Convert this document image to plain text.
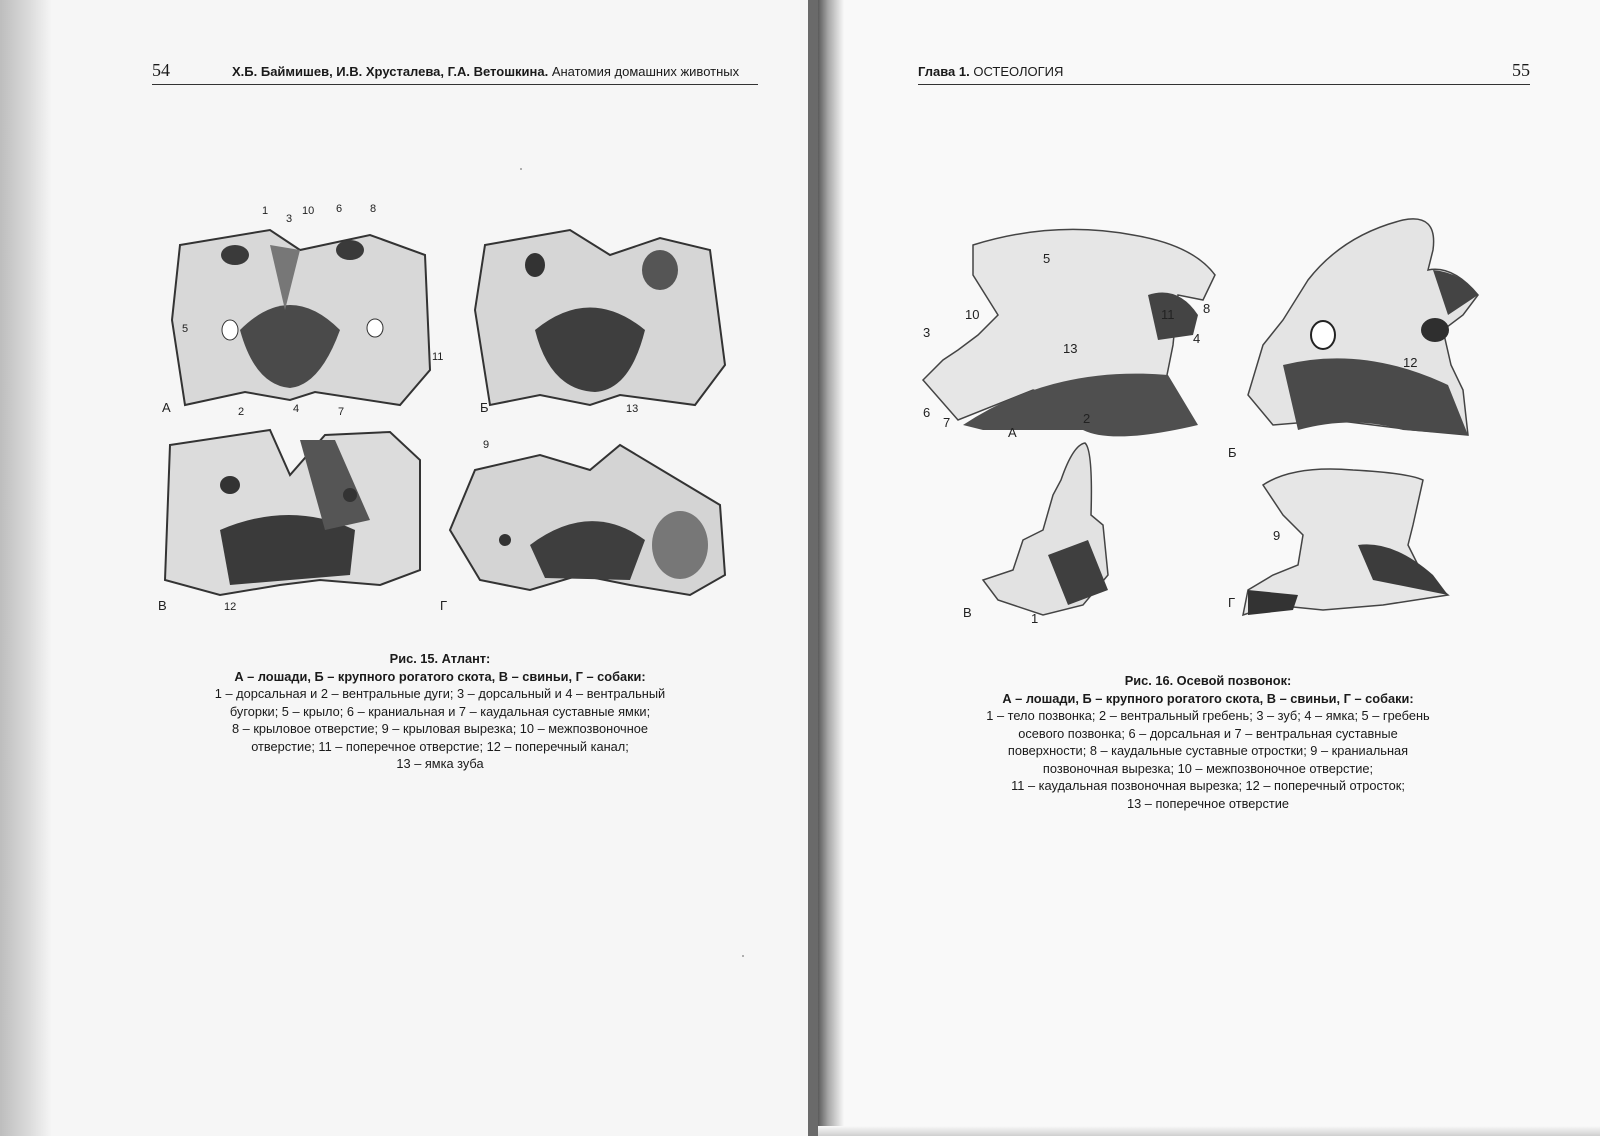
54	Х.Б. Баймишев, И.В. Хрусталева, Г.А. Ветошкина. Анатомия домашних животных
А	Б
В	Г
1
2
3
4
5
6
7
8
9
10
11
12
13
Рис. 15. Атлант:
А – лошади, Б – крупного рогатого скота, В – свиньи, Г – собаки:
1 – дорсальная и 2 – вентральные дуги; 3 – дорсальный и 4 – вентральный
бугорки; 5 – крыло; 6 – краниальная и 7 – каудальная суставные ямки;
8 – крыловое отверстие; 9 – крыловая вырезка; 10 – межпозвоночное
отверстие; 11 – поперечное отверстие; 12 – поперечный канал;
13 – ямка зуба
Глава 1. ОСТЕОЛОГИЯ	55
А
Б
В
Г
1
2
3	4
5
6
7
8
9
10	11
12
13
Рис. 16. Осевой позвонок:
А – лошади, Б – крупного рогатого скота, В – свиньи, Г – собаки:
1 – тело позвонка; 2 – вентральный гребень; 3 – зуб; 4 – ямка; 5 – гребень
осевого позвонка; 6 – дорсальная и 7 – вентральная суставные
поверхности; 8 – каудальные суставные отростки; 9 – краниальная
позвоночная вырезка; 10 – межпозвоночное отверстие;
11 – каудальная позвоночная вырезка; 12 – поперечный отросток;
13 – поперечное отверстие
